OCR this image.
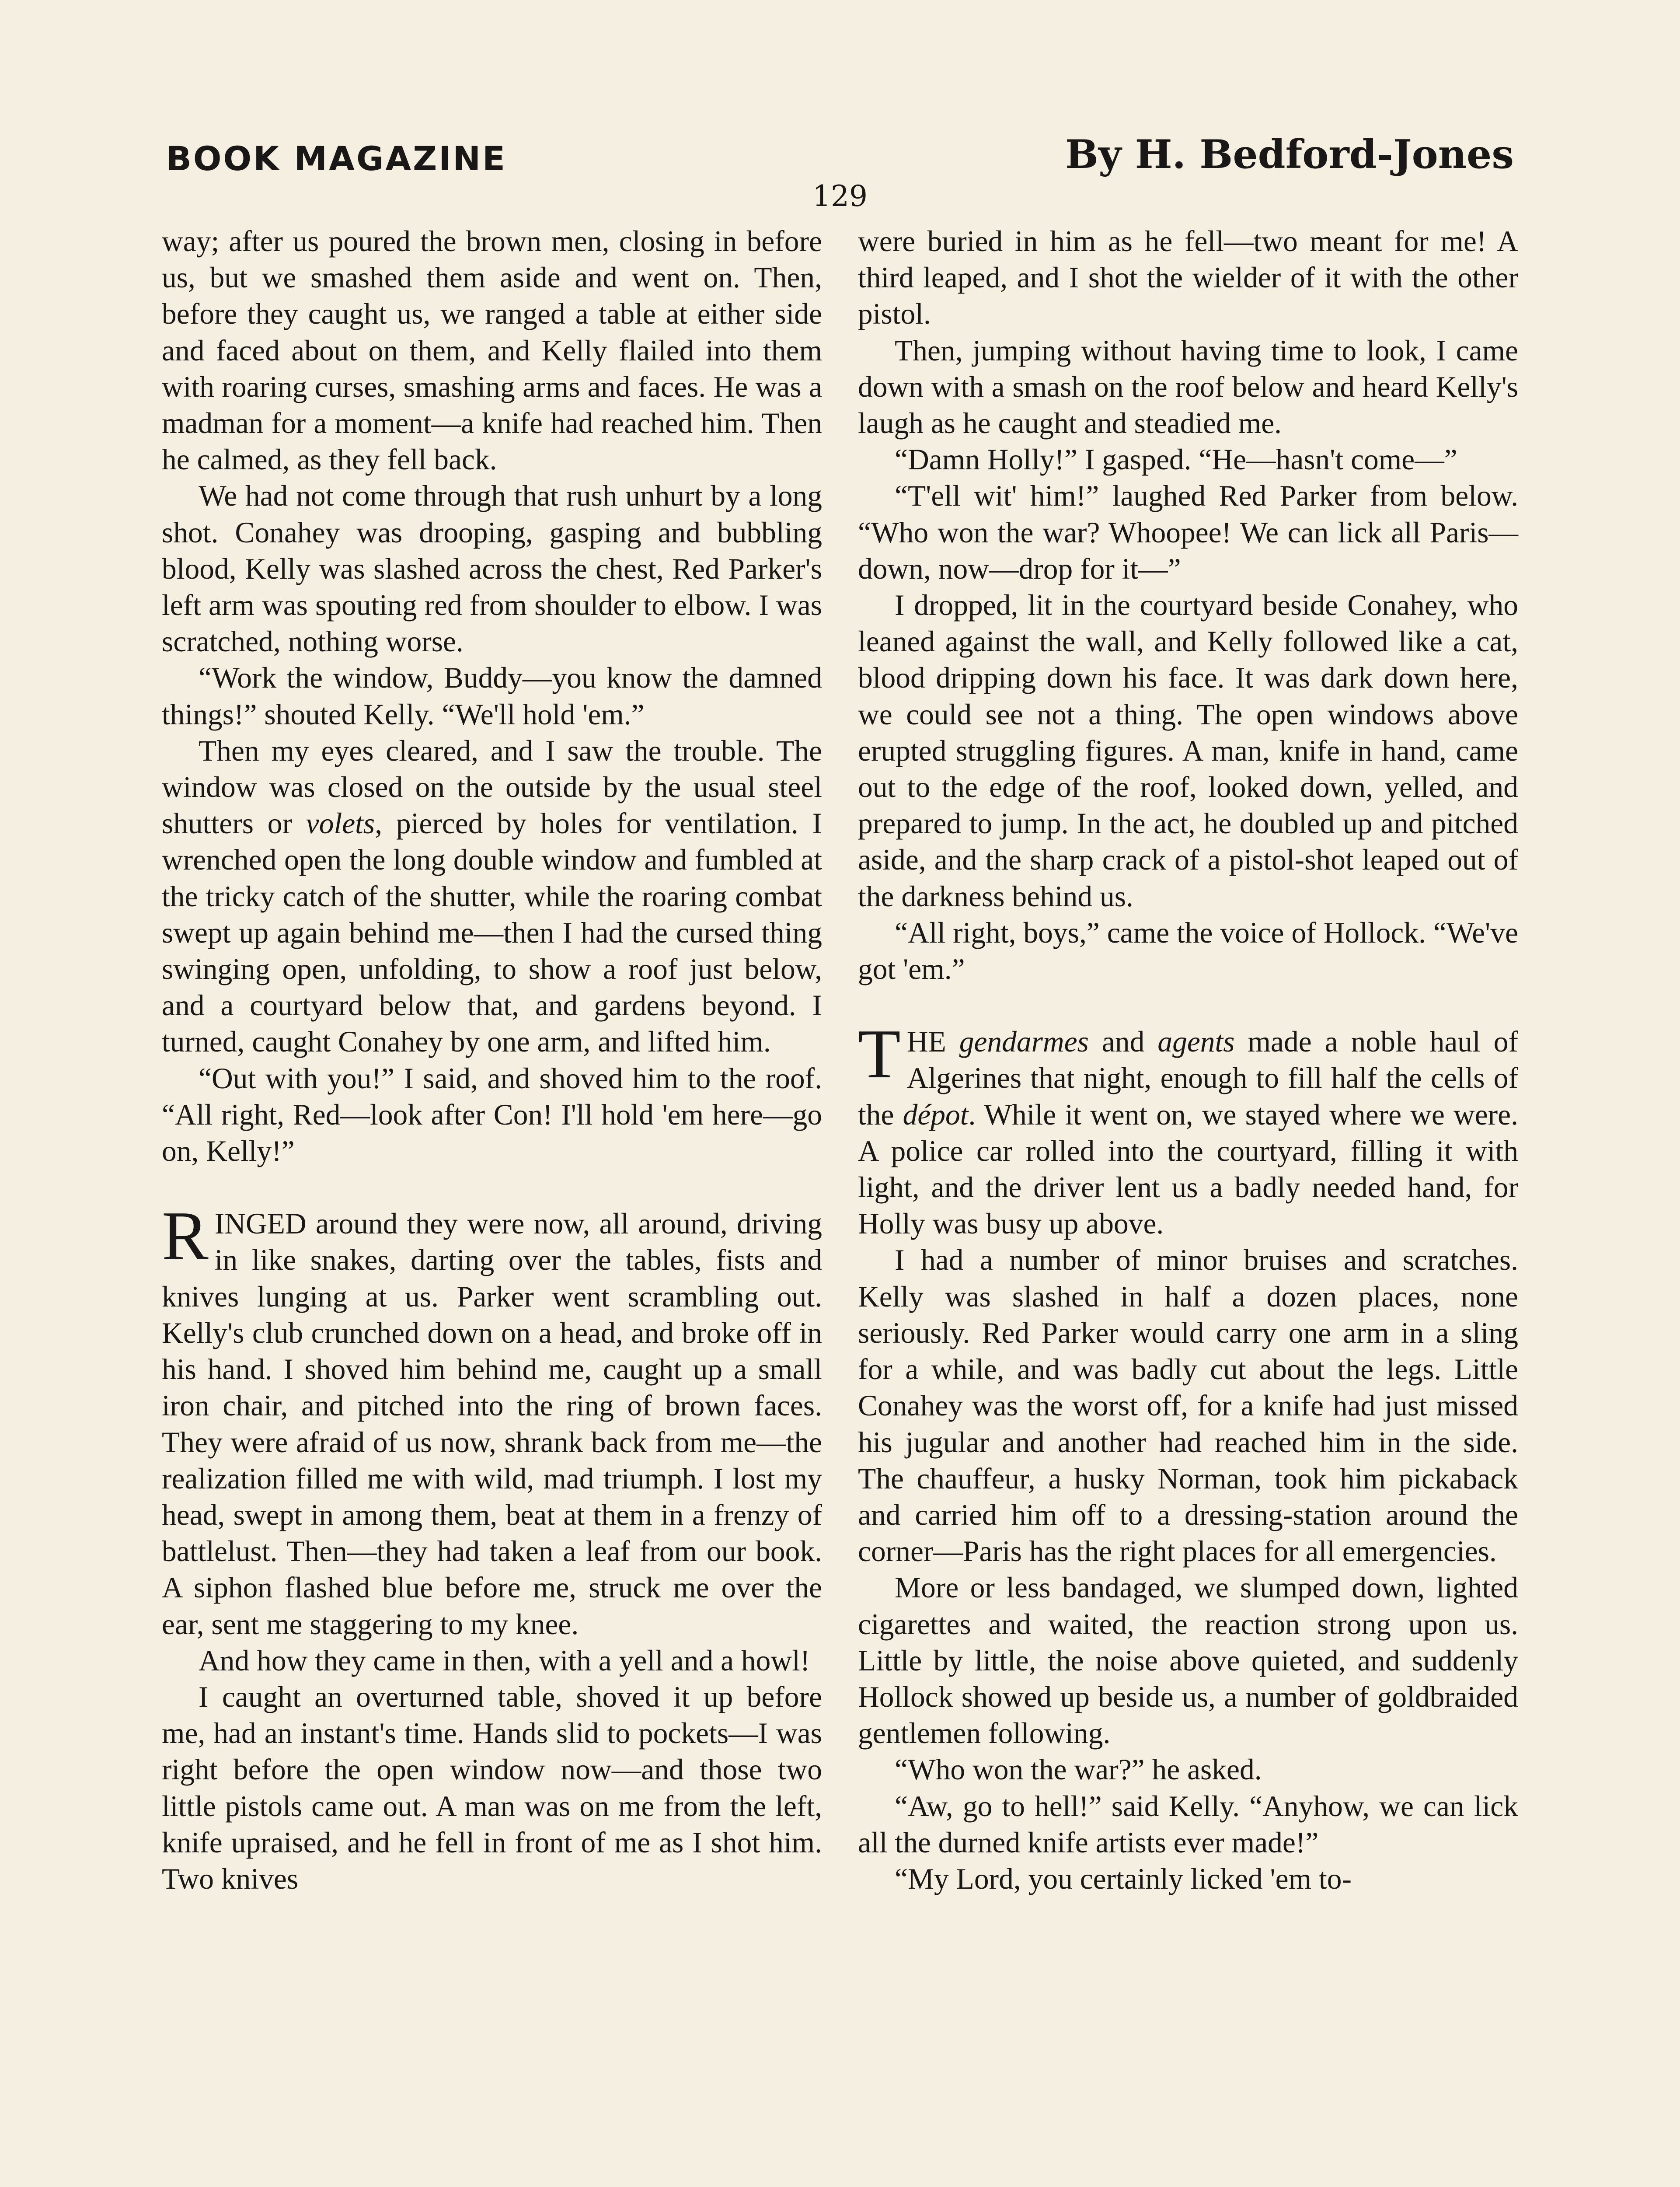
BOOK MAGAZINE	By H. Bedford-Jones
129

way; after us poured the brown men, closing in before us, but we smashed them aside and went on. Then, before they caught us, we ranged a table at either side and faced about on them, and Kelly flailed into them with roaring curses, smashing arms and faces. He was a madman for a moment—a knife had reached him. Then he calmed, as they fell back.

We had not come through that rush unhurt by a long shot. Conahey was drooping, gasping and bubbling blood, Kelly was slashed across the chest, Red Parker's left arm was spouting red from shoulder to elbow. I was scratched, nothing worse.

“Work the window, Buddy—you know the damned things!” shouted Kelly. “We'll hold 'em.”

Then my eyes cleared, and I saw the trouble. The window was closed on the outside by the usual steel shutters or volets, pierced by holes for ventilation. I wrenched open the long double window and fumbled at the tricky catch of the shutter, while the roaring combat swept up again behind me—then I had the cursed thing swinging open, unfolding, to show a roof just below, and a courtyard below that, and gardens beyond. I turned, caught Conahey by one arm, and lifted him.

“Out with you!” I said, and shoved him to the roof. “All right, Red—look after Con! I'll hold 'em here—go on, Kelly!”

RINGED around they were now, all around, driving in like snakes, darting over the tables, fists and knives lunging at us. Parker went scrambling out. Kelly's club crunched down on a head, and broke off in his hand. I shoved him behind me, caught up a small iron chair, and pitched into the ring of brown faces. They were afraid of us now, shrank back from me—the realization filled me with wild, mad triumph. I lost my head, swept in among them, beat at them in a frenzy of battlelust. Then—they had taken a leaf from our book. A siphon flashed blue before me, struck me over the ear, sent me staggering to my knee.

And how they came in then, with a yell and a howl!

I caught an overturned table, shoved it up before me, had an instant's time. Hands slid to pockets—I was right before the open window now—and those two little pistols came out. A man was on me from the left, knife upraised, and he fell in front of me as I shot him. Two knives

were buried in him as he fell—two meant for me! A third leaped, and I shot the wielder of it with the other pistol.

Then, jumping without having time to look, I came down with a smash on the roof below and heard Kelly's laugh as he caught and steadied me.

“Damn Holly!” I gasped. “He—hasn't come—”

“T'ell wit' him!” laughed Red Parker from below. “Who won the war? Whoopee! We can lick all Paris—down, now—drop for it—”

I dropped, lit in the courtyard beside Conahey, who leaned against the wall, and Kelly followed like a cat, blood dripping down his face. It was dark down here, we could see not a thing. The open windows above erupted struggling figures. A man, knife in hand, came out to the edge of the roof, looked down, yelled, and prepared to jump. In the act, he doubled up and pitched aside, and the sharp crack of a pistol-shot leaped out of the darkness behind us.

“All right, boys,” came the voice of Hollock. “We've got 'em.”

THE gendarmes and agents made a noble haul of Algerines that night, enough to fill half the cells of the dépot. While it went on, we stayed where we were. A police car rolled into the courtyard, filling it with light, and the driver lent us a badly needed hand, for Holly was busy up above.

I had a number of minor bruises and scratches. Kelly was slashed in half a dozen places, none seriously. Red Parker would carry one arm in a sling for a while, and was badly cut about the legs. Little Conahey was the worst off, for a knife had just missed his jugular and another had reached him in the side. The chauffeur, a husky Norman, took him pickaback and carried him off to a dressing-station around the corner—Paris has the right places for all emergencies.

More or less bandaged, we slumped down, lighted cigarettes and waited, the reaction strong upon us. Little by little, the noise above quieted, and suddenly Hollock showed up beside us, a number of goldbraided gentlemen following.

“Who won the war?” he asked.

“Aw, go to hell!” said Kelly. “Anyhow, we can lick all the durned knife artists ever made!”

“My Lord, you certainly licked 'em to-
